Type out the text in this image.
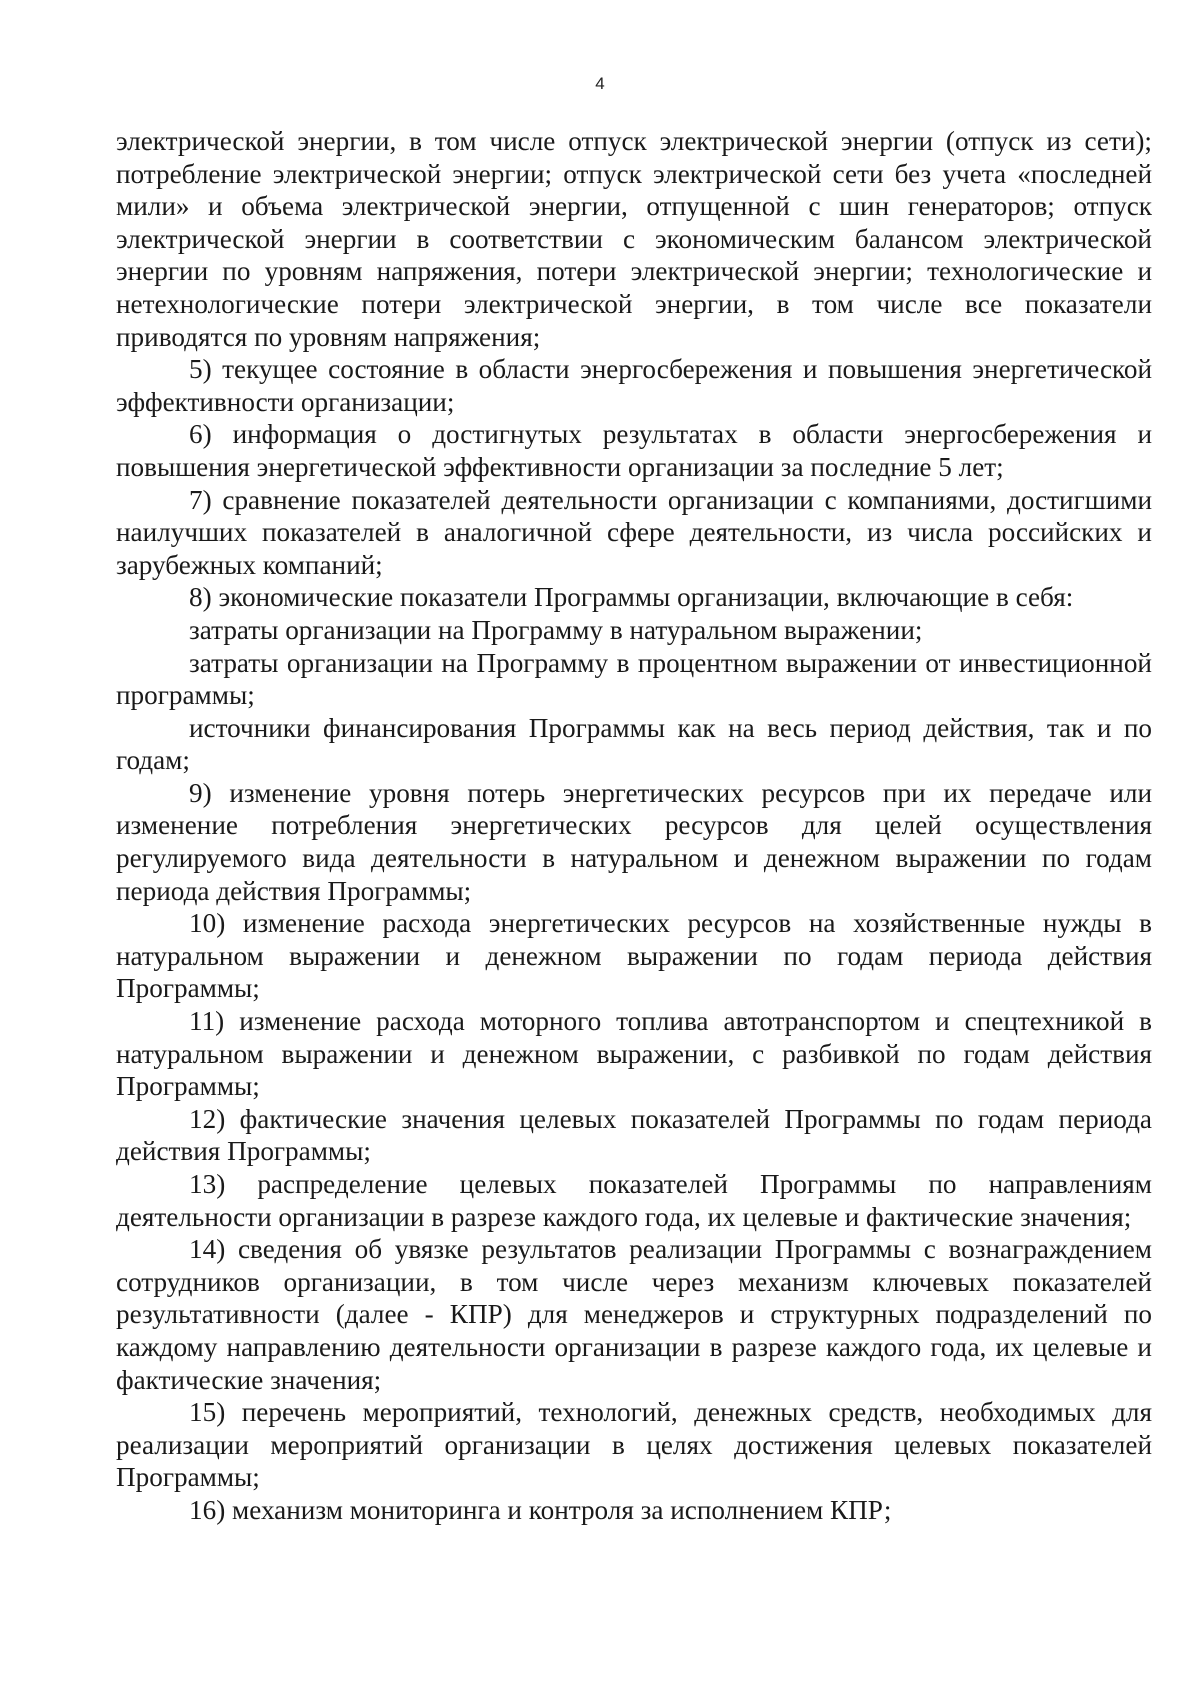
4

электрической энергии, в том числе отпуск электрической энергии (отпуск из сети); потребление электрической энергии; отпуск электрической сети без учета «последней мили» и объема электрической энергии, отпущенной с шин генераторов; отпуск электрической энергии в соответствии с экономическим балансом электрической энергии по уровням напряжения, потери электрической энергии; технологические и нетехнологические потери электрической энергии, в том числе все показатели приводятся по уровням напряжения;

5) текущее состояние в области энергосбережения и повышения энергетической эффективности организации;

6) информация о достигнутых результатах в области энергосбережения и повышения энергетической эффективности организации за последние 5 лет;

7) сравнение показателей деятельности организации с компаниями, достигшими наилучших показателей в аналогичной сфере деятельности, из числа российских и зарубежных компаний;

8) экономические показатели Программы организации, включающие в себя:

затраты организации на Программу в натуральном выражении;

затраты организации на Программу в процентном выражении от инвестиционной программы;

источники финансирования Программы как на весь период действия, так и по годам;

9) изменение уровня потерь энергетических ресурсов при их передаче или изменение потребления энергетических ресурсов для целей осуществления регулируемого вида деятельности в натуральном и денежном выражении по годам периода действия Программы;

10) изменение расхода энергетических ресурсов на хозяйственные нужды в натуральном выражении и денежном выражении по годам периода действия Программы;

11) изменение расхода моторного топлива автотранспортом и спецтехникой в натуральном выражении и денежном выражении, с разбивкой по годам действия Программы;

12) фактические значения целевых показателей Программы по годам периода действия Программы;

13) распределение целевых показателей Программы по направлениям деятельности организации в разрезе каждого года, их целевые и фактические значения;

14) сведения об увязке результатов реализации Программы с вознаграждением сотрудников организации, в том числе через механизм ключевых показателей результативности (далее - КПР) для менеджеров и структурных подразделений по каждому направлению деятельности организации в разрезе каждого года, их целевые и фактические значения;

15) перечень мероприятий, технологий, денежных средств, необходимых для реализации мероприятий организации в целях достижения целевых показателей Программы;

16) механизм мониторинга и контроля за исполнением КПР;
